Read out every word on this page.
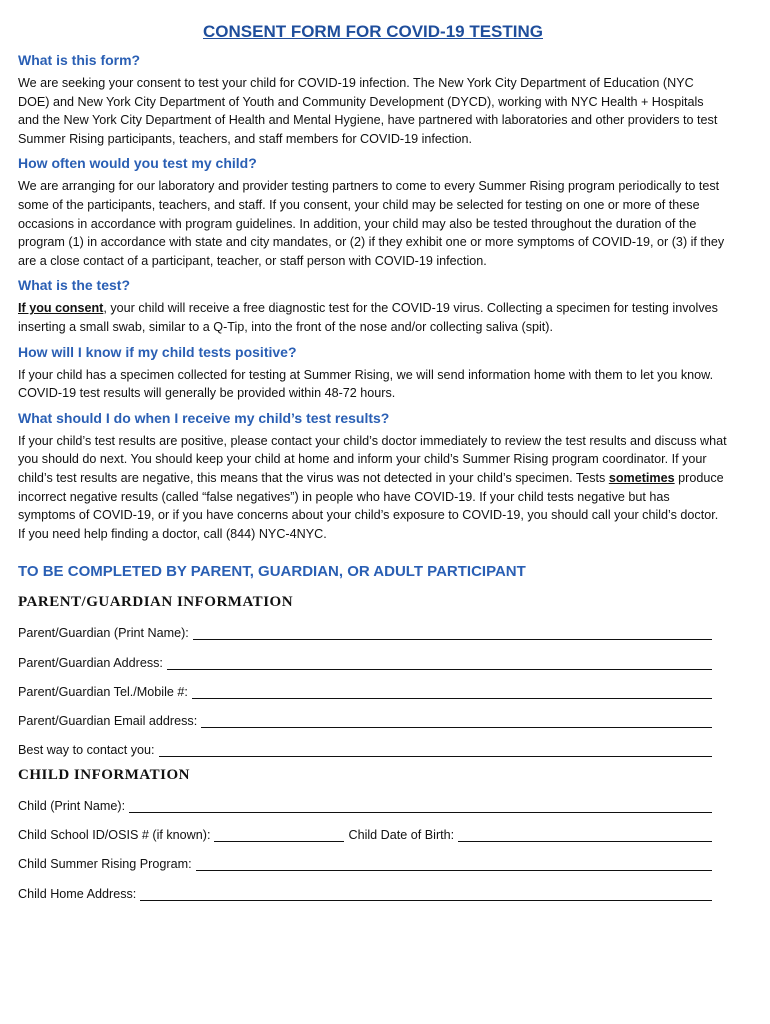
CONSENT FORM FOR COVID-19 TESTING
What is this form?

We are seeking your consent to test your child for COVID-19 infection. The New York City Department of Education (NYC DOE) and New York City Department of Youth and Community Development (DYCD), working with NYC Health + Hospitals and the New York City Department of Health and Mental Hygiene, have partnered with laboratories and other providers to test Summer Rising participants, teachers, and staff members for COVID-19 infection.

How often would you test my child?

We are arranging for our laboratory and provider testing partners to come to every Summer Rising program periodically to test some of the participants, teachers, and staff. If you consent, your child may be selected for testing on one or more of these occasions in accordance with program guidelines. In addition, your child may also be tested throughout the duration of the program (1) in accordance with state and city mandates, or (2) if they exhibit one or more symptoms of COVID-19, or (3) if they are a close contact of a participant, teacher, or staff person with COVID-19 infection.

What is the test?

If you consent, your child will receive a free diagnostic test for the COVID-19 virus. Collecting a specimen for testing involves inserting a small swab, similar to a Q-Tip, into the front of the nose and/or collecting saliva (spit).

How will I know if my child tests positive?

If your child has a specimen collected for testing at Summer Rising, we will send information home with them to let you know. COVID-19 test results will generally be provided within 48-72 hours.

What should I do when I receive my child’s test results?

If your child’s test results are positive, please contact your child’s doctor immediately to review the test results and discuss what you should do next. You should keep your child at home and inform your child’s Summer Rising program coordinator. If your child’s test results are negative, this means that the virus was not detected in your child’s specimen. Tests sometimes produce incorrect negative results (called “false negatives”) in people who have COVID-19. If your child tests negative but has symptoms of COVID-19, or if you have concerns about your child’s exposure to COVID-19, you should call your child’s doctor. If you need help finding a doctor, call (844) NYC-4NYC.

TO BE COMPLETED BY PARENT, GUARDIAN, OR ADULT PARTICIPANT
PARENT/GUARDIAN INFORMATION
Parent/Guardian (Print Name):
Parent/Guardian Address:
Parent/Guardian Tel./Mobile #:
Parent/Guardian Email address:
Best way to contact you:
CHILD INFORMATION
Child (Print Name):
Child School ID/OSIS # (if known):	Child Date of Birth:
Child Summer Rising Program:
Child Home Address:
